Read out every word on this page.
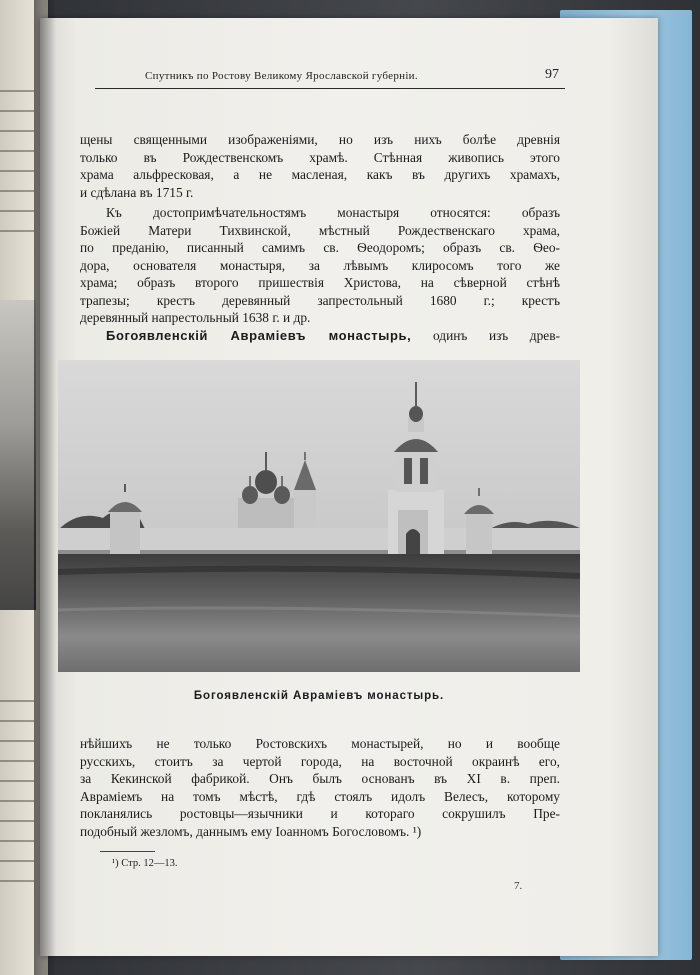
Спутникъ по Ростову Великому Ярославской губерніи.	97
щены священными изображеніями, но изъ нихъ болѣе древнія
только въ Рождественскомъ храмѣ. Стѣнная живопись этого
храма альфресковая, а не масленая, какъ въ другихъ храмахъ,
и сдѣлана въ 1715 г.
Къ достопримѣчательностямъ монастыря относятся: образъ
Божіей Матери Тихвинской, мѣстный Рождественскаго храма,
по преданію, писанный самимъ св. Ѳеодоромъ; образъ св. Ѳео-
дора, основателя монастыря, за лѣвымъ клиросомъ того же
храма; образъ второго пришествія Христова, на сѣверной стѣнѣ
трапезы; крестъ деревянный запрестольный 1680 г.; крестъ
деревянный напрестольный 1638 г. и др.
Богоявленскій Авраміевъ монастырь, одинъ изъ древ-
Богоявленскій Авраміевъ монастырь.
нѣйшихъ не только Ростовскихъ монастырей, но и вообще
русскихъ, стоитъ за чертой города, на восточной окраинѣ его,
за Кекинской фабрикой. Онъ былъ основанъ въ XI в. преп.
Авраміемъ на томъ мѣстѣ, гдѣ стоялъ идолъ Велесъ, которому
покланялись ростовцы—язычники и котораго сокрушилъ Пре-
подобный жезломъ, даннымъ ему Іоанномъ Богословомъ. ¹)
¹) Стр. 12—13.
7.
